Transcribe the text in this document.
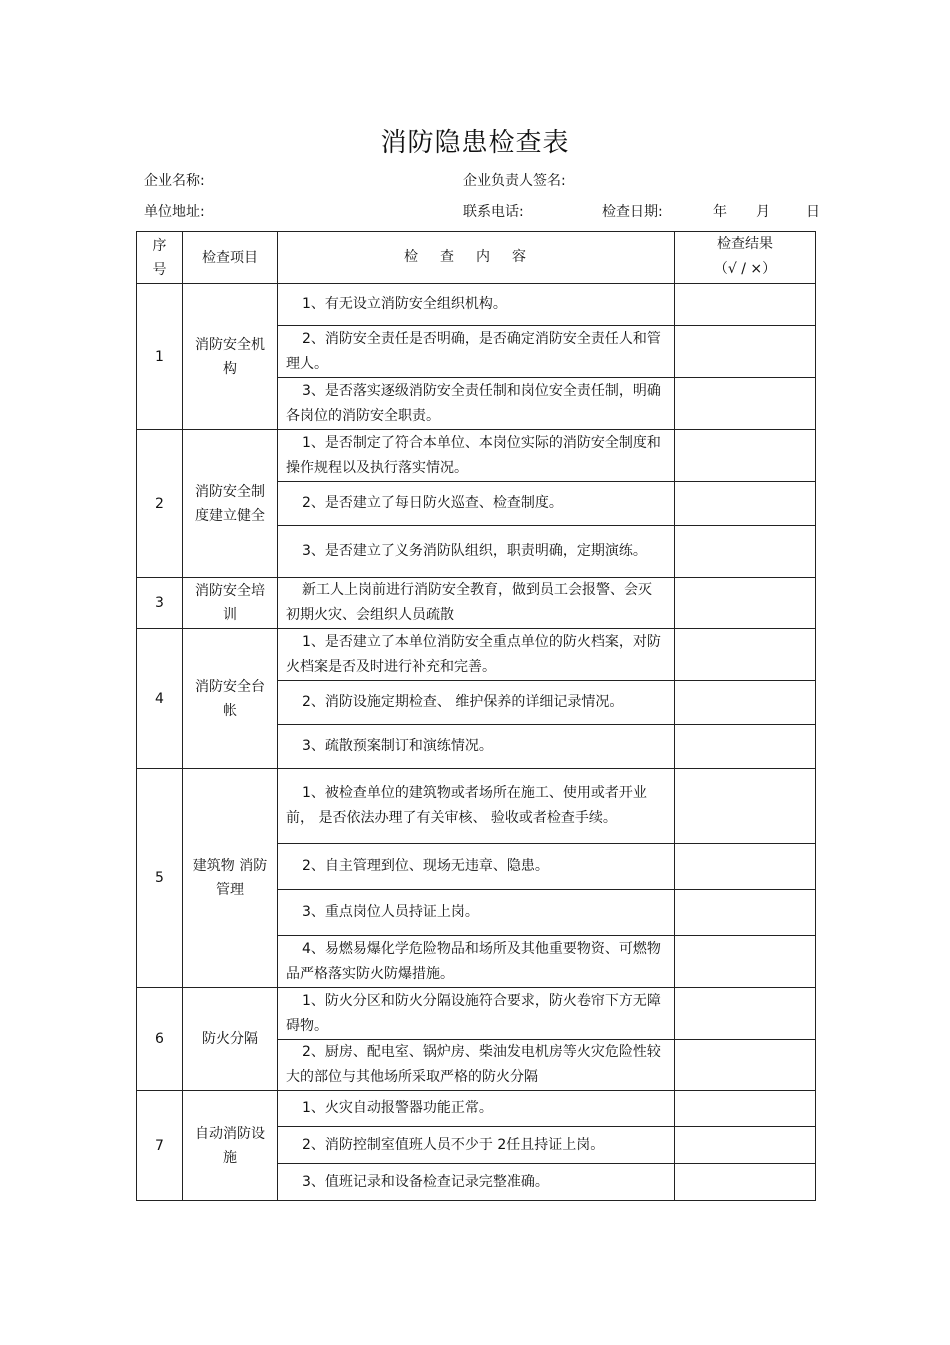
消防隐患检查表
企业名称:	企业负责人签名:
单位地址:	联系电话:	检查日期:	年 月	日
序号	检查项目	检查内容	检查结果
（√ / ×）

1	消防安全机构	1、有无设立消防安全组织机构。	
		2、消防安全责任是否明确，是否确定消防安全责任人和管理人。	
		3、是否落实逐级消防安全责任制和岗位安全责任制，明确各岗位的消防安全职责。	
2	消防安全制度建立健全	1、是否制定了符合本单位、本岗位实际的消防安全制度和操作规程以及执行落实情况。	
		2、是否建立了每日防火巡查、检查制度。	
		3、是否建立了义务消防队组织，职责明确，定期演练。	
3	消防安全培训	新工人上岗前进行消防安全教育，做到员工会报警、会灭初期火灾、会组织人员疏散	
4	消防安全台帐	1、是否建立了本单位消防安全重点单位的防火档案，对防火档案是否及时进行补充和完善。	
		2、消防设施定期检查、 维护保养的详细记录情况。	
		3、疏散预案制订和演练情况。	
5	建筑物 消防管理	1、被检查单位的建筑物或者场所在施工、使用或者开业前， 是否依法办理了有关审核、 验收或者检查手续。	
		2、自主管理到位、现场无违章、隐患。	
		3、重点岗位人员持证上岗。	
		4、易燃易爆化学危险物品和场所及其他重要物资、可燃物品严格落实防火防爆措施。	
6	防火分隔	1、防火分区和防火分隔设施符合要求，防火卷帘下方无障碍物。	
		2、厨房、配电室、锅炉房、柴油发电机房等火灾危险性较大的部位与其他场所采取严格的防火分隔	
7	自动消防设施	1、火灾自动报警器功能正常。	
		2、消防控制室值班人员不少于 2任且持证上岗。	
		3、值班记录和设备检查记录完整准确。	
